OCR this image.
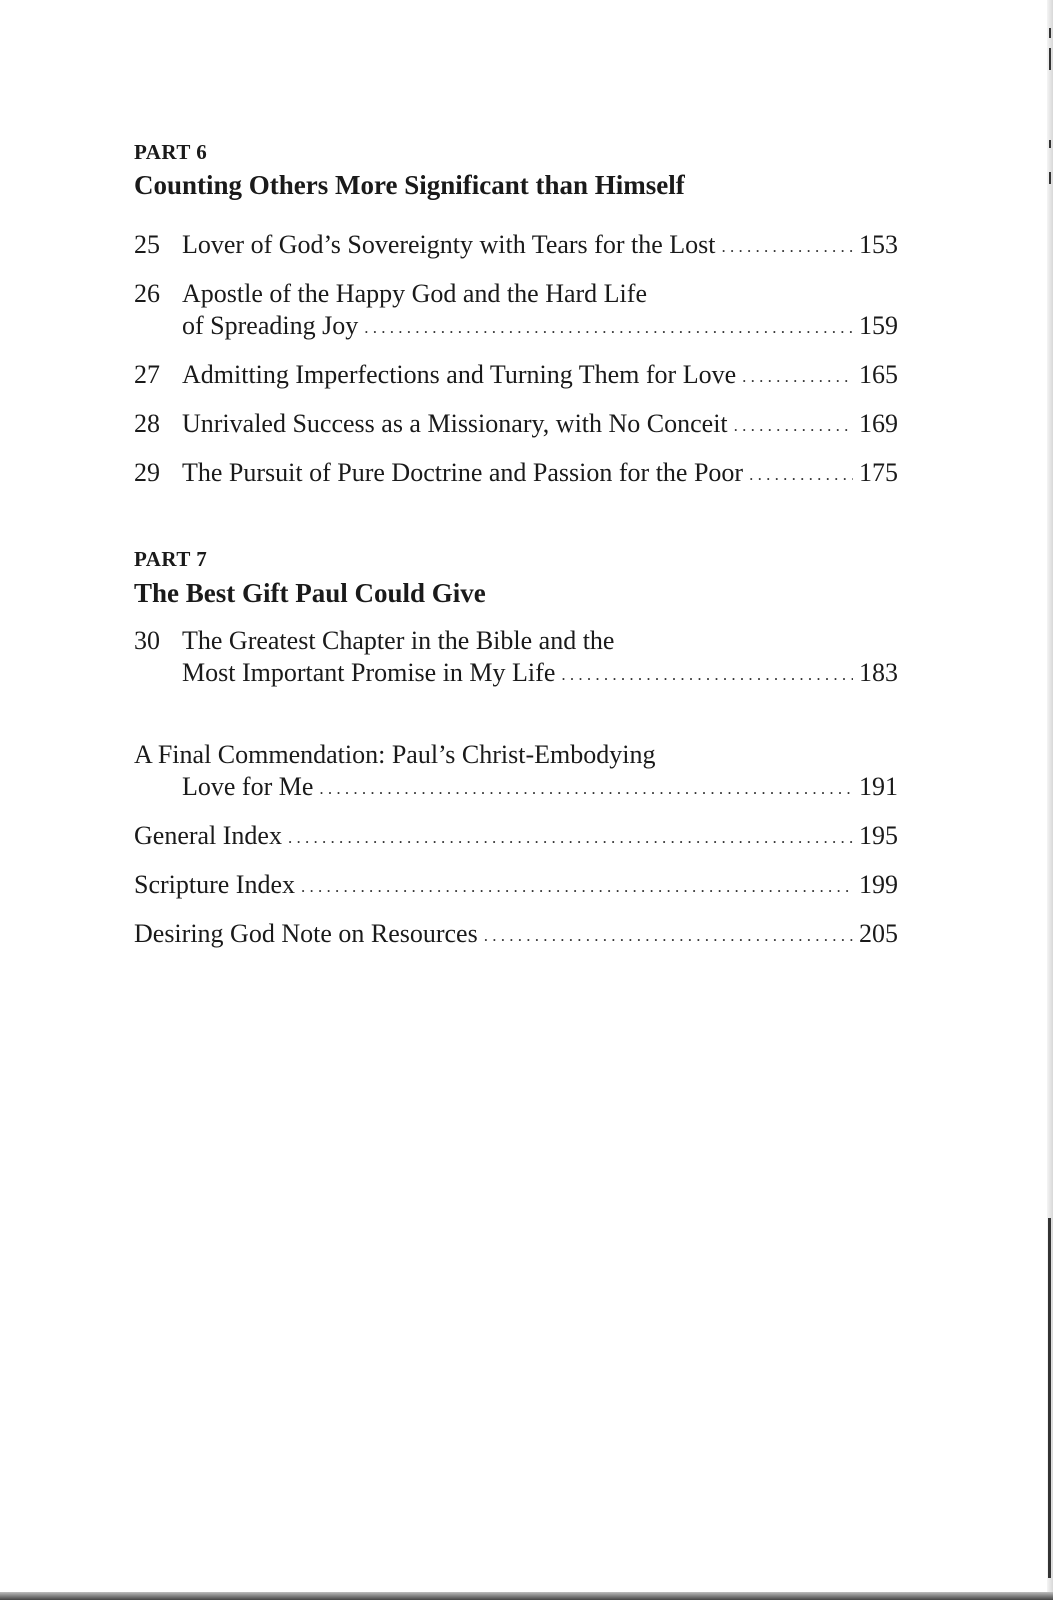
PART 6
Counting Others More Significant than Himself
25 Lover of God’s Sovereignty with Tears for the Lost . . .	153
26 Apostle of the Happy God and the Hard Life
of Spreading Joy . . .	159
27 Admitting Imperfections and Turning Them for Love . . .	165
28 Unrivaled Success as a Missionary, with No Conceit . . .	169
29 The Pursuit of Pure Doctrine and Passion for the Poor . . .	175
PART 7
The Best Gift Paul Could Give
30 The Greatest Chapter in the Bible and the
Most Important Promise in My Life . . .	183
A Final Commendation: Paul’s Christ-Embodying
Love for Me . . .	191
General Index . . .	195
Scripture Index . . .	199
Desiring God Note on Resources . . .	205
